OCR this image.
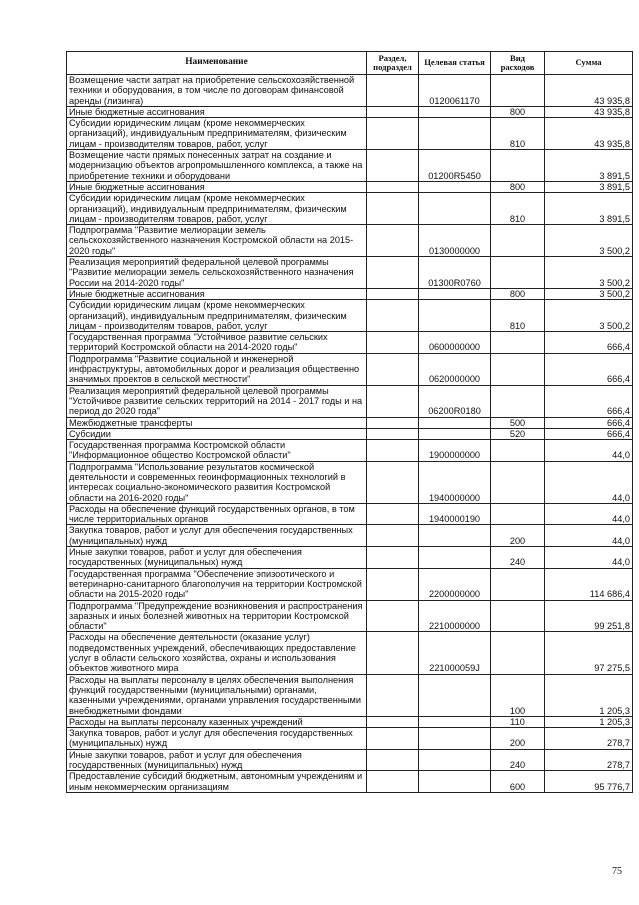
Наименование	Раздел, подраздел	Целевая статья	Вид расходов	Сумма
Возмещение части затрат на приобретение сельскохозяйственной техники и оборудования, в том числе по договорам финансовой аренды (лизинга)		0120061170		43 935,8
Иные бюджетные ассигнования			800	43 935,8
Субсидии юридическим лицам (кроме некоммерческих организаций), индивидуальным предпринимателям, физическим лицам - производителям товаров, работ, услуг			810	43 935,8
Возмещение части прямых понесенных затрат на создание и модернизацию объектов агропромышленного комплекса, а также на приобретение техники и оборудовани		01200R5450		3 891,5
Иные бюджетные ассигнования			800	3 891,5
Субсидии юридическим лицам (кроме некоммерческих организаций), индивидуальным предпринимателям, физическим лицам - производителям товаров, работ, услуг			810	3 891,5
Подпрограмма "Развитие мелиорации земель сельскохозяйственного назначения Костромской области на 2015-2020 годы"		0130000000		3 500,2
Реализация мероприятий федеральной целевой программы "Развитие мелиорации земель сельскохозяйственного назначения России на 2014-2020 годы"		01300R0760		3 500,2
Иные бюджетные ассигнования			800	3 500,2
Субсидии юридическим лицам (кроме некоммерческих организаций), индивидуальным предпринимателям, физическим лицам - производителям товаров, работ, услуг			810	3 500,2
Государственная программа "Устойчивое развитие сельских территорий Костромской области на 2014-2020 годы"		0600000000		666,4
Подпрограмма "Развитие социальной и инженерной инфраструктуры, автомобильных дорог и реализация общественно значимых проектов в сельской местности"		0620000000		666,4
Реализация мероприятий федеральной целевой программы "Устойчивое развитие сельских территорий на 2014 - 2017 годы и на период до 2020 года"		06200R0180		666,4
Межбюджетные трансферты			500	666,4
Субсидии			520	666,4
Государственная программа Костромской области "Информационное общество Костромской области"		1900000000		44,0
Подпрограмма "Использование результатов космической деятельности и современных геоинформационных технологий в интересах социально-экономического развития Костромской области на 2016-2020 годы"		1940000000		44,0
Расходы на обеспечение функций государственных органов, в том числе территориальных органов		1940000190		44,0
Закупка товаров, работ и услуг для обеспечения государственных (муниципальных) нужд			200	44,0
Иные закупки товаров, работ и услуг для обеспечения государственных (муниципальных) нужд			240	44,0
Государственная программа "Обеспечение эпизоотического и ветеринарно-санитарного благополучия на территории Костромской области на 2015-2020 годы"		2200000000		114 686,4
Подпрограмма "Предупреждение возникновения и распространения заразных и иных болезней животных на территории Костромской области"		2210000000		99 251,8
Расходы на обеспечение деятельности (оказание услуг) подведомственных учреждений, обеспечивающих предоставление услуг в области сельского хозяйства, охраны и использования объектов животного мира		221000059J		97 275,5
Расходы на выплаты персоналу в целях обеспечения выполнения функций государственными (муниципальными) органами, казенными учреждениями, органами управления государственными внебюджетными фондами			100	1 205,3
Расходы на выплаты персоналу казенных учреждений			110	1 205,3
Закупка товаров, работ и услуг для обеспечения государственных (муниципальных) нужд			200	278,7
Иные закупки товаров, работ и услуг для обеспечения государственных (муниципальных) нужд			240	278,7
Предоставление субсидий бюджетным, автономным учреждениям и иным некоммерческим организациям			600	95 776,7
75
